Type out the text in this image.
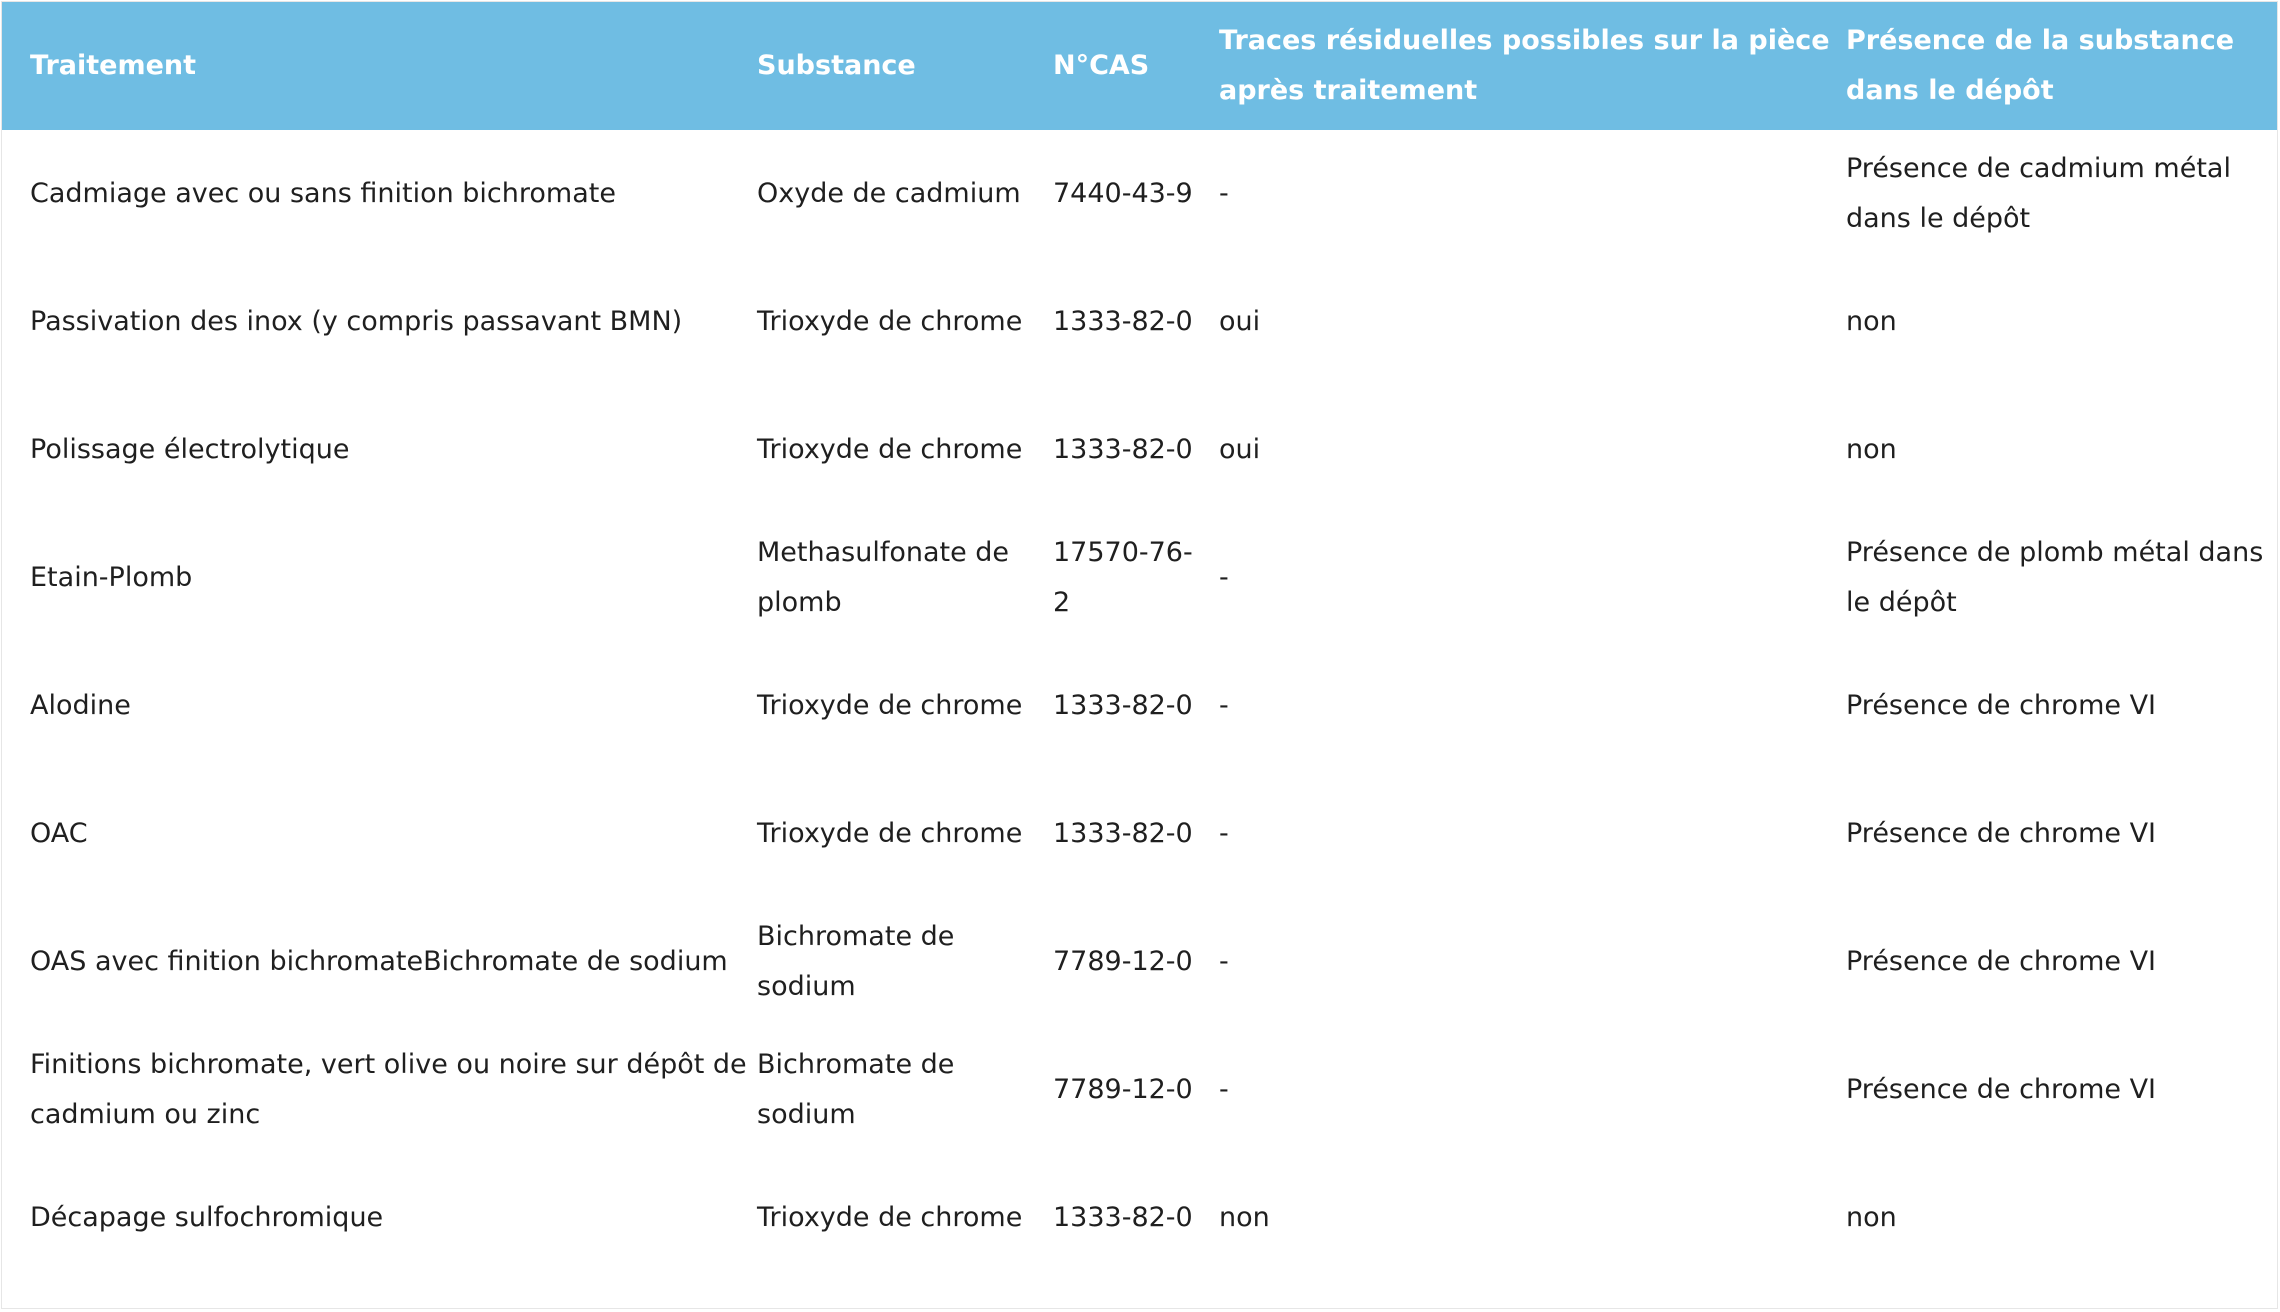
Traitement	Substance	N°CAS	Traces résiduelles possibles sur la pièce après traitement	Présence de la substance dans le dépôt
Cadmiage avec ou sans finition bichromate	Oxyde de cadmium	7440-43-9	-	Présence de cadmium métal dans le dépôt
Passivation des inox (y compris passavant BMN)	Trioxyde de chrome	1333-82-0	oui	non
Polissage électrolytique	Trioxyde de chrome	1333-82-0	oui	non
Etain-Plomb	Methasulfonate de plomb	17570-76-2	-	Présence de plomb métal dans le dépôt
Alodine	Trioxyde de chrome	1333-82-0	-	Présence de chrome VI
OAC	Trioxyde de chrome	1333-82-0	-	Présence de chrome VI
OAS avec finition bichromateBichromate de sodium	Bichromate de sodium	7789-12-0	-	Présence de chrome VI
Finitions bichromate, vert olive ou noire sur dépôt de cadmium ou zinc	Bichromate de sodium	7789-12-0	-	Présence de chrome VI
Décapage sulfochromique	Trioxyde de chrome	1333-82-0	non	non
